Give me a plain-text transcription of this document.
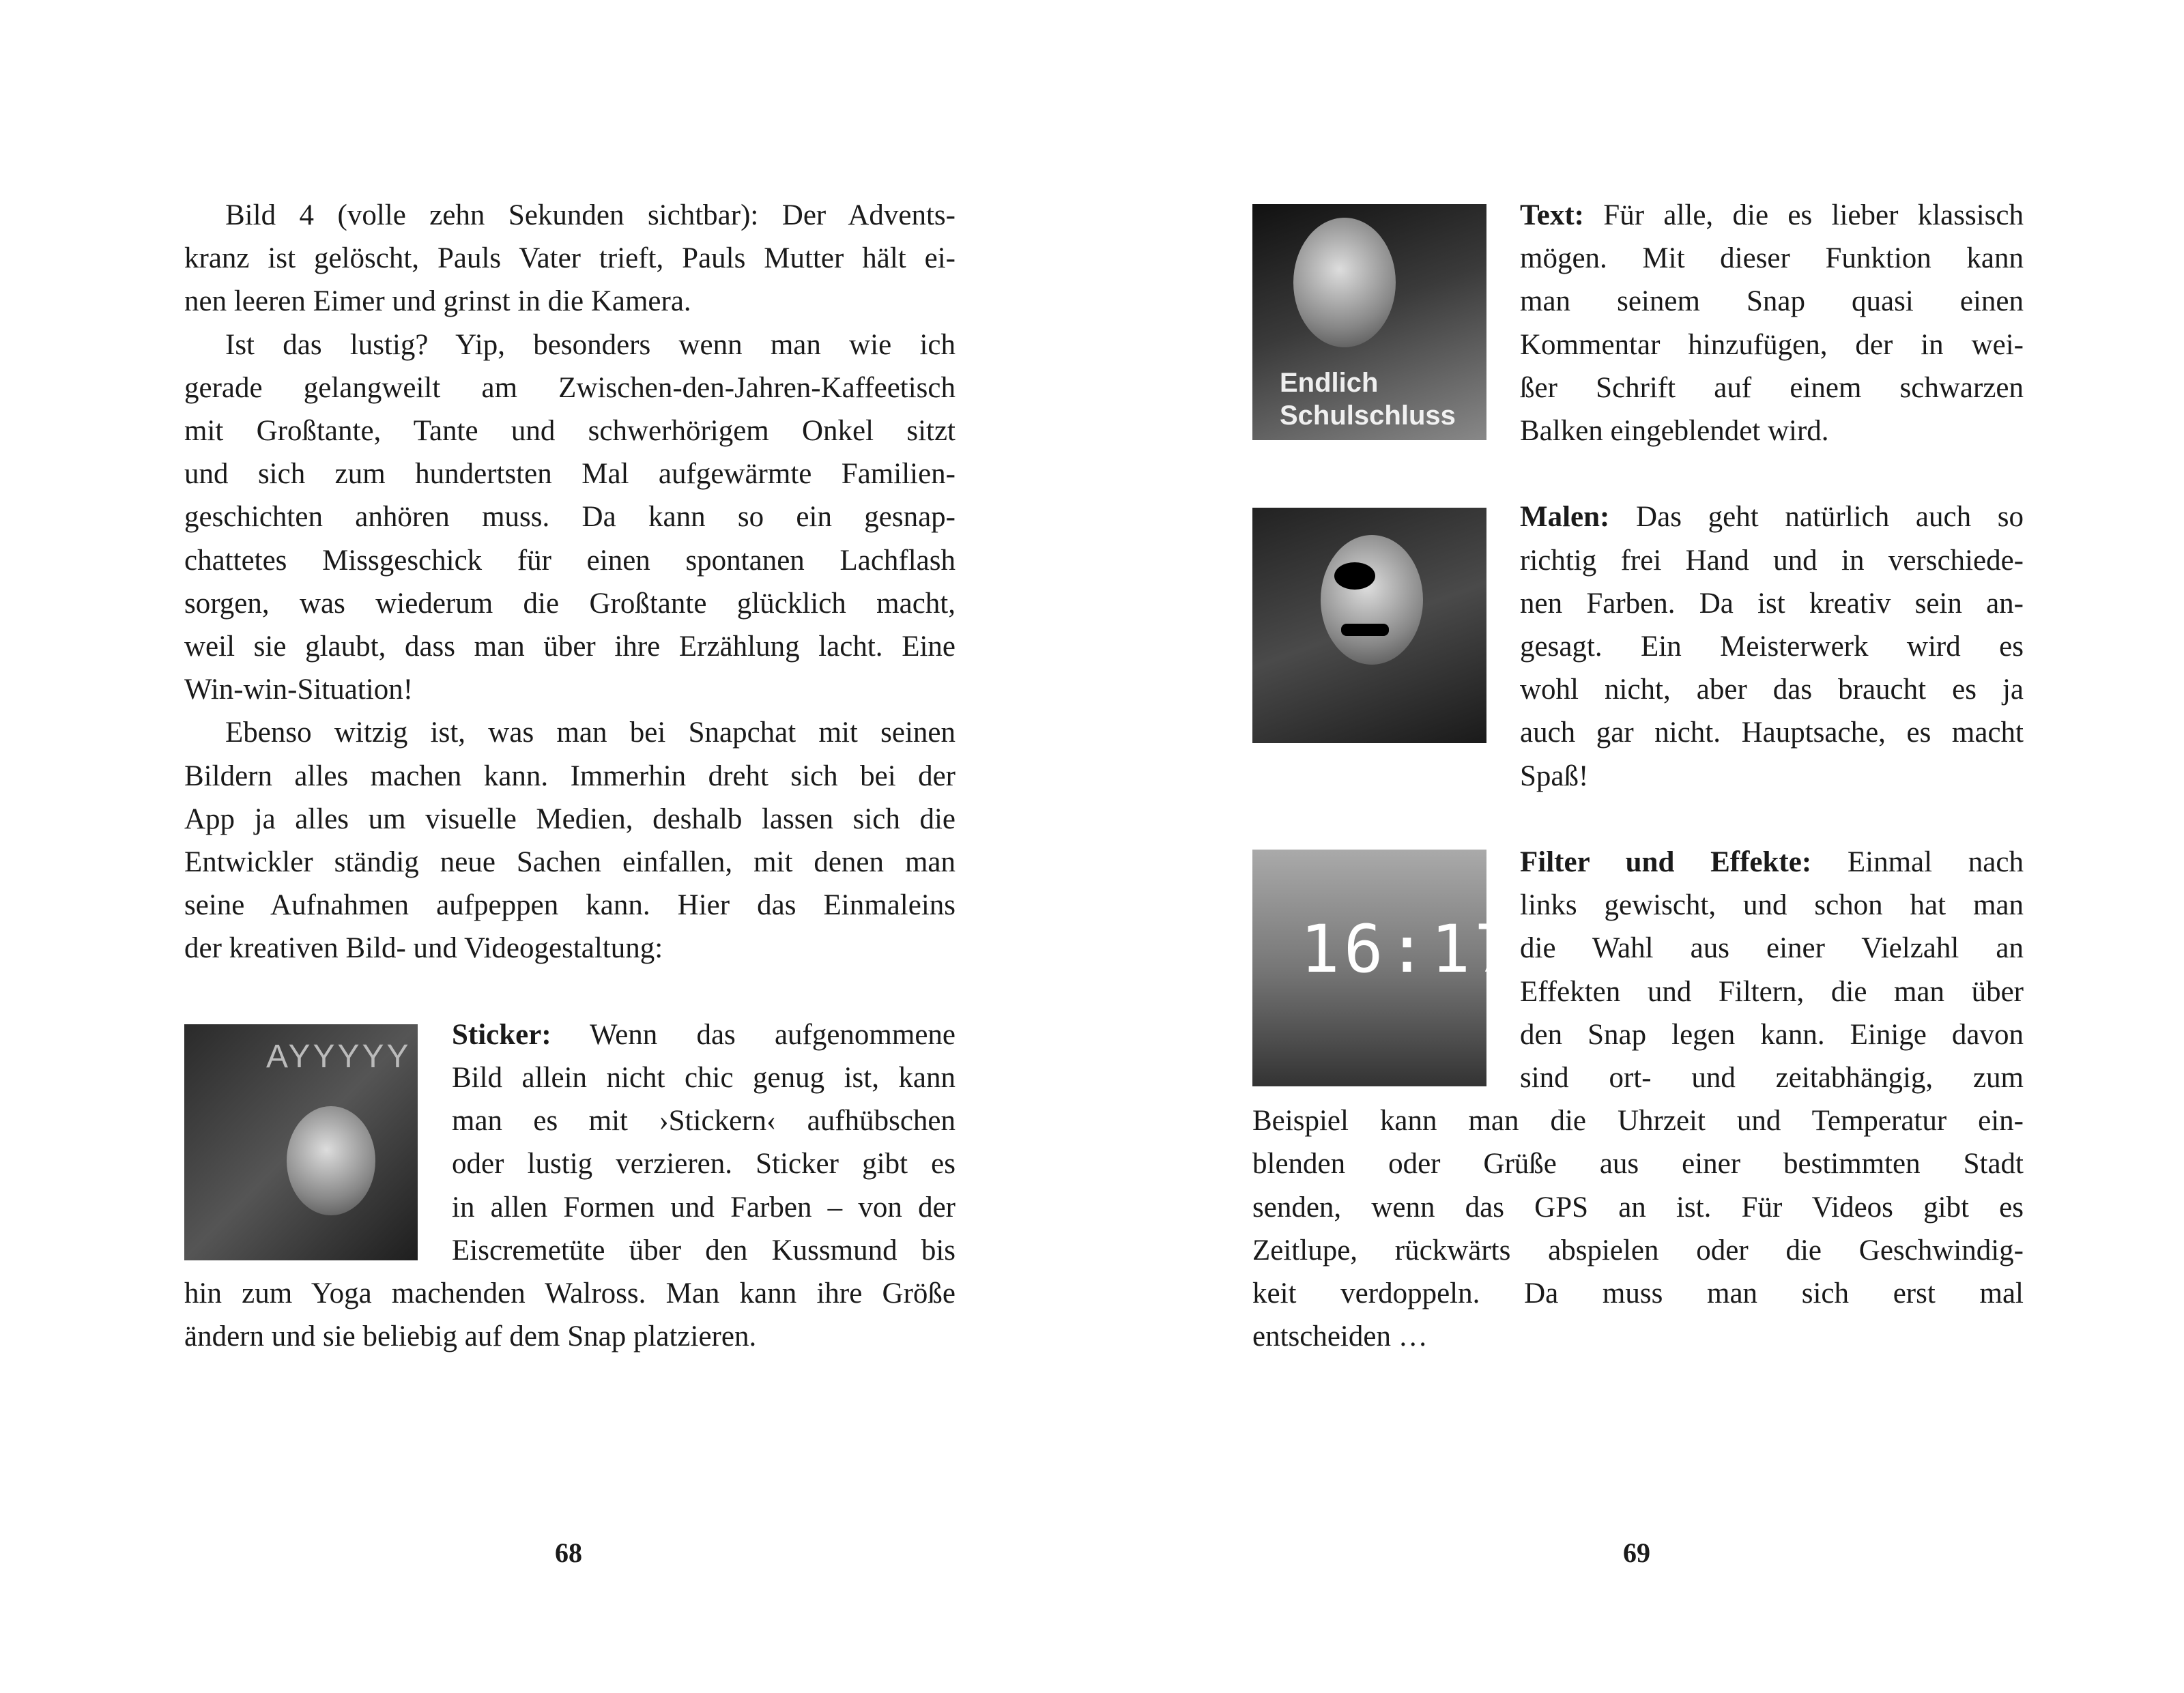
Bild 4 (volle zehn Sekunden sichtbar): Der Advents-
kranz ist gelöscht, Pauls Vater trieft, Pauls Mutter hält ei-
nen leeren Eimer und grinst in die Kamera.
Ist das lustig? Yip, besonders wenn man wie ich
gerade gelangweilt am Zwischen-den-Jahren-Kaffeetisch
mit Großtante, Tante und schwerhörigem Onkel sitzt
und sich zum hundertsten Mal aufgewärmte Familien-
geschichten anhören muss. Da kann so ein gesnap-
chattetes Missgeschick für einen spontanen Lachflash
sorgen, was wiederum die Großtante glücklich macht,
weil sie glaubt, dass man über ihre Erzählung lacht. Eine
Win-win-Situation!
Ebenso witzig ist, was man bei Snapchat mit seinen
Bildern alles machen kann. Immerhin dreht sich bei der
App ja alles um visuelle Medien, deshalb lassen sich die
Entwickler ständig neue Sachen einfallen, mit denen man
seine Aufnahmen aufpeppen kann. Hier das Einmaleins
der kreativen Bild- und Videogestaltung:
Sticker: Wenn das aufgenommene
Bild allein nicht chic genug ist, kann
man es mit ›Stickern‹ aufhübschen
oder lustig verzieren. Sticker gibt es
in allen Formen und Farben – von der
Eiscremetüte über den Kussmund bis
hin zum Yoga machenden Walross. Man kann ihre Größe
ändern und sie beliebig auf dem Snap platzieren.
Text: Für alle, die es lieber klassisch
mögen. Mit dieser Funktion kann
man seinem Snap quasi einen
Kommentar hinzufügen, der in wei-
ßer Schrift auf einem schwarzen
Balken eingeblendet wird.
Malen: Das geht natürlich auch so
richtig frei Hand und in verschiede-
nen Farben. Da ist kreativ sein an-
gesagt. Ein Meisterwerk wird es
wohl nicht, aber das braucht es ja
auch gar nicht. Hauptsache, es macht
Spaß!
Filter und Effekte: Einmal nach
links gewischt, und schon hat man
die Wahl aus einer Vielzahl an
Effekten und Filtern, die man über
den Snap legen kann. Einige davon
sind ort- und zeitabhängig, zum
Beispiel kann man die Uhrzeit und Temperatur ein-
blenden oder Grüße aus einer bestimmten Stadt
senden, wenn das GPS an ist. Für Videos gibt es
Zeitlupe, rückwärts abspielen oder die Geschwindig-
keit verdoppeln. Da muss man sich erst mal
entscheiden …
AYYYYY
Endlich Schulschluss
16:17
68	69
